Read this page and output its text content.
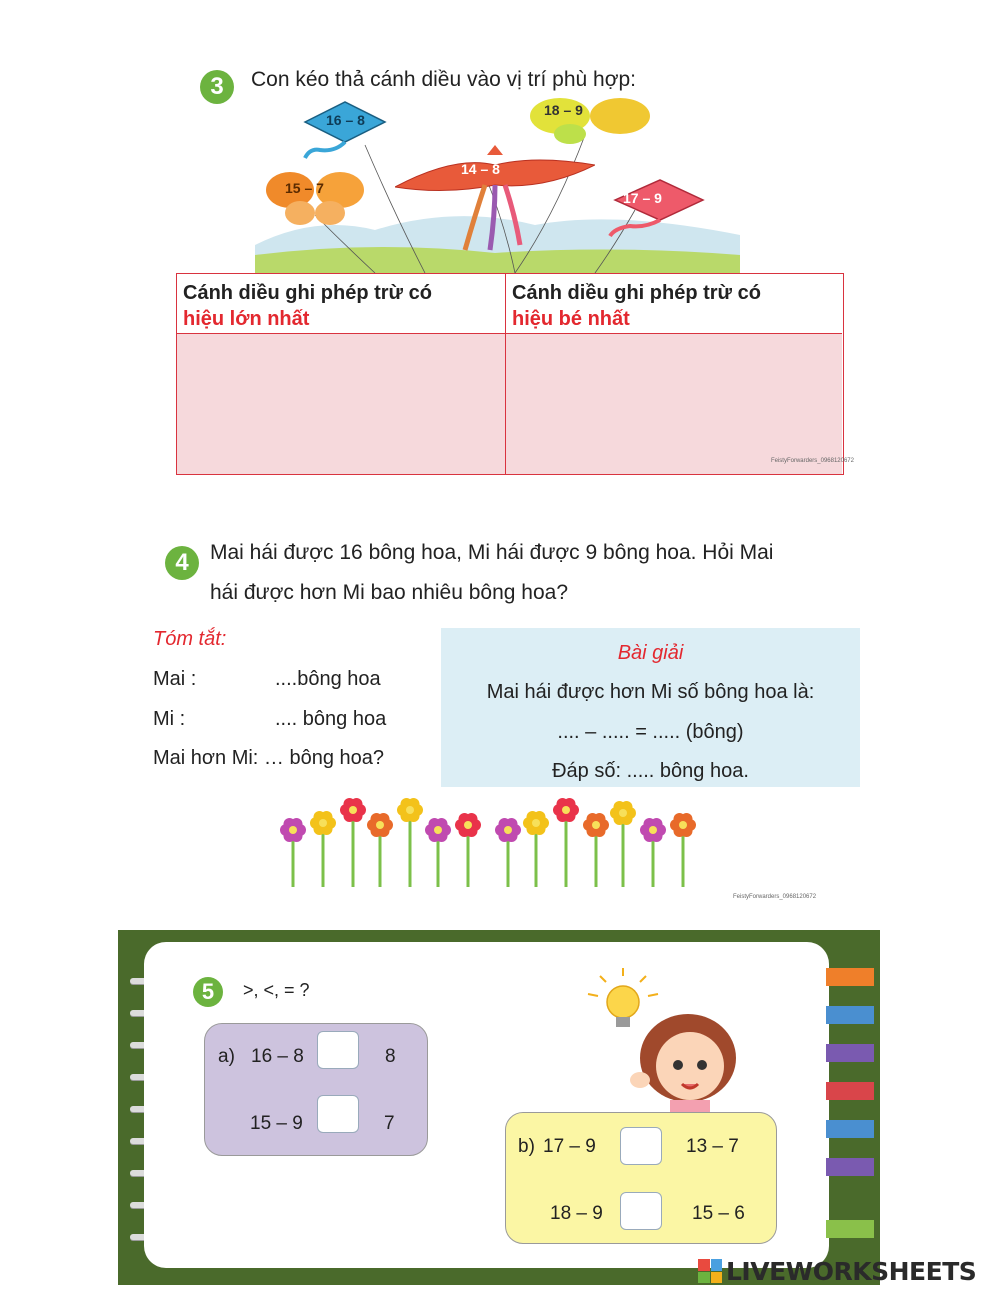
3	Con kéo thả cánh diều vào vị trí phù hợp:
16 – 8
15 – 7
14 – 8
18 – 9
17 – 9
Cánh diều ghi phép trừ có
hiệu lớn nhất
Cánh diều ghi phép trừ có
hiệu bé nhất
FeistyForwarders_0968120672
4	Mai hái được 16 bông hoa, Mi hái được 9 bông hoa. Hỏi Mai
hái được hơn Mi bao nhiêu bông hoa?
Tóm tắt:
Mai :	....bông hoa
Mi :	.... bông hoa
Mai hơn Mi: … bông hoa?
Bài giải
Mai hái được hơn Mi số bông hoa là:
.... – ..... = ..... (bông)
Đáp số: ..... bông hoa.
FeistyForwarders_0968120672
5	>, <, = ?
a) 16 – 8	8
15 – 9	7
b) 17 – 9	13 – 7
18 – 9	15 – 6
LIVEWORKSHEETS
